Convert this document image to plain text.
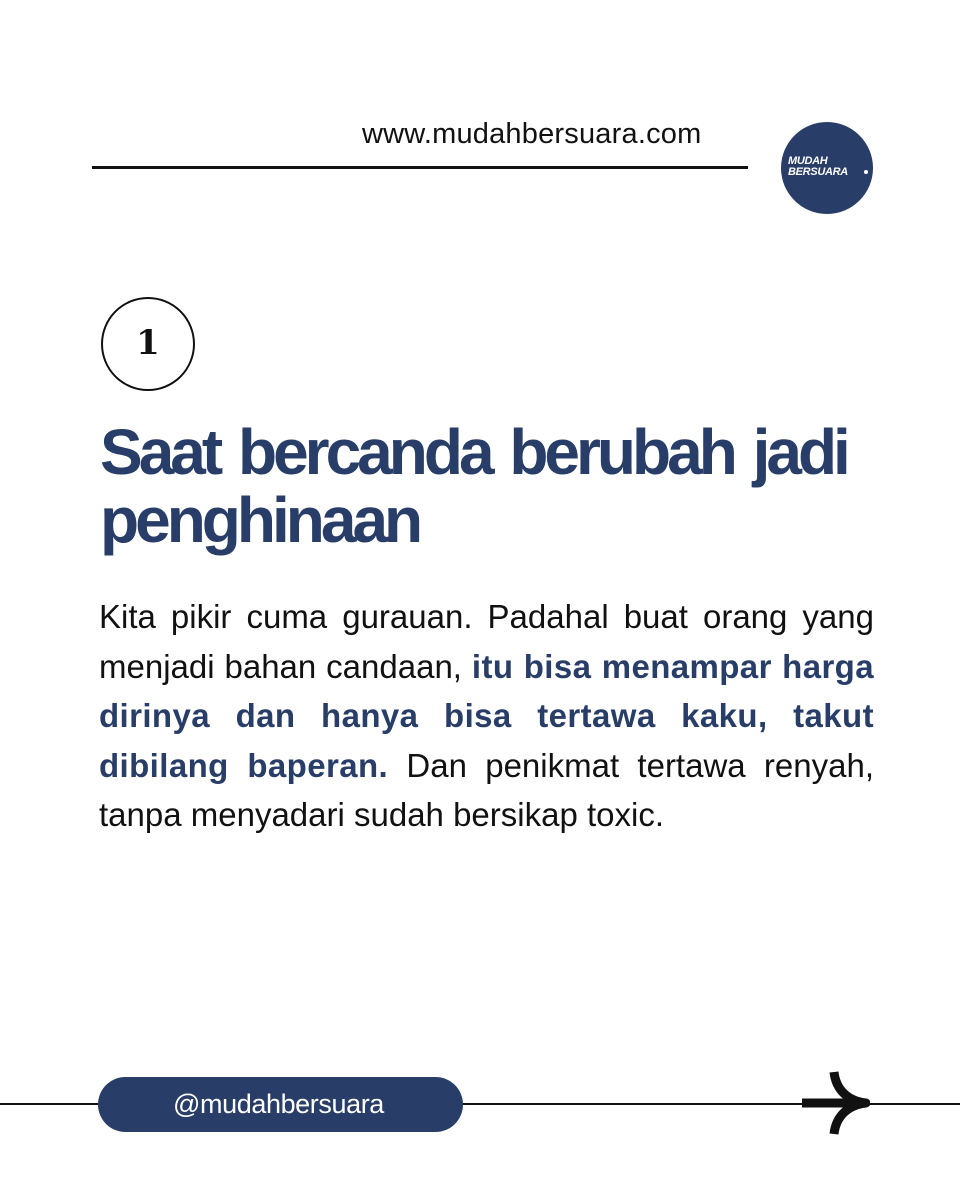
www.mudahbersuara.com
MUDAH
BERSUARA
1
Saat bercanda berubah jadi penghinaan

Kita pikir cuma gurauan. Padahal buat orang yang menjadi bahan candaan, itu bisa menampar harga dirinya dan hanya bisa tertawa kaku, takut dibilang baperan. Dan penikmat tertawa renyah, tanpa menyadari sudah bersikap toxic.

@mudahbersuara
